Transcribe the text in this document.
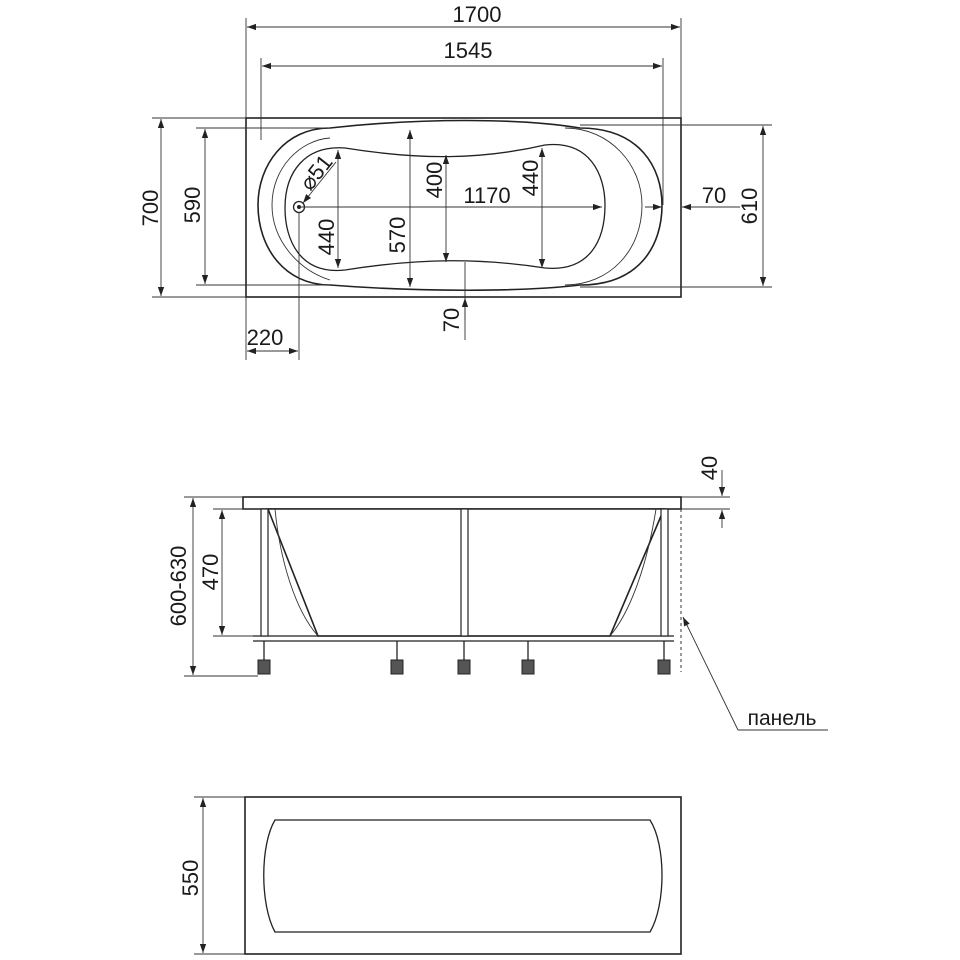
1700
1545
700 590	610
70
⌀51
1170
440 570
400	440
70
220
40
600-630 470
панель
550
